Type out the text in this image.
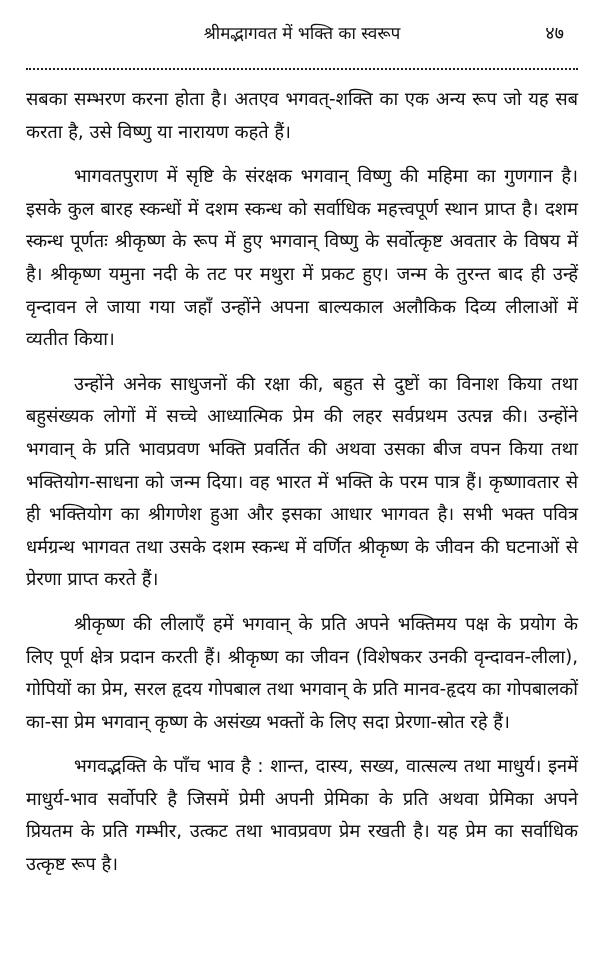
श्रीमद्भागवत में भक्ति का स्वरूप	४७

सबका सम्भरण करना होता है। अतएव भगवत्-शक्ति का एक अन्य रूप जो यह सब करता है, उसे विष्णु या नारायण कहते हैं।

भागवतपुराण में सृष्टि के संरक्षक भगवान् विष्णु की महिमा का गुणगान है। इसके कुल बारह स्कन्धों में दशम स्कन्ध को सर्वाधिक महत्त्वपूर्ण स्थान प्राप्त है। दशम स्कन्ध पूर्णतः श्रीकृष्ण के रूप में हुए भगवान् विष्णु के सर्वोत्कृष्ट अवतार के विषय में है। श्रीकृष्ण यमुना नदी के तट पर मथुरा में प्रकट हुए। जन्म के तुरन्त बाद ही उन्हें वृन्दावन ले जाया गया जहाँ उन्होंने अपना बाल्यकाल अलौकिक दिव्य लीलाओं में व्यतीत किया।

उन्होंने अनेक साधुजनों की रक्षा की, बहुत से दुष्टों का विनाश किया तथा बहुसंख्यक लोगों में सच्चे आध्यात्मिक प्रेम की लहर सर्वप्रथम उत्पन्न की। उन्होंने भगवान् के प्रति भावप्रवण भक्ति प्रवर्तित की अथवा उसका बीज वपन किया तथा भक्तियोग-साधना को जन्म दिया। वह भारत में भक्ति के परम पात्र हैं। कृष्णावतार से ही भक्तियोग का श्रीगणेश हुआ और इसका आधार भागवत है। सभी भक्त पवित्र धर्मग्रन्थ भागवत तथा उसके दशम स्कन्ध में वर्णित श्रीकृष्ण के जीवन की घटनाओं से प्रेरणा प्राप्त करते हैं।

श्रीकृष्ण की लीलाएँ हमें भगवान् के प्रति अपने भक्तिमय पक्ष के प्रयोग के लिए पूर्ण क्षेत्र प्रदान करती हैं। श्रीकृष्ण का जीवन (विशेषकर उनकी वृन्दावन-लीला), गोपियों का प्रेम, सरल हृदय गोपबाल तथा भगवान् के प्रति मानव-हृदय का गोपबालकों का-सा प्रेम भगवान् कृष्ण के असंख्य भक्तों के लिए सदा प्रेरणा-स्रोत रहे हैं।

भगवद्भक्ति के पाँच भाव है : शान्त, दास्य, सख्य, वात्सल्य तथा माधुर्य। इनमें माधुर्य-भाव सर्वोपरि है जिसमें प्रेमी अपनी प्रेमिका के प्रति अथवा प्रेमिका अपने प्रियतम के प्रति गम्भीर, उत्कट तथा भावप्रवण प्रेम रखती है। यह प्रेम का सर्वाधिक उत्कृष्ट रूप है।
